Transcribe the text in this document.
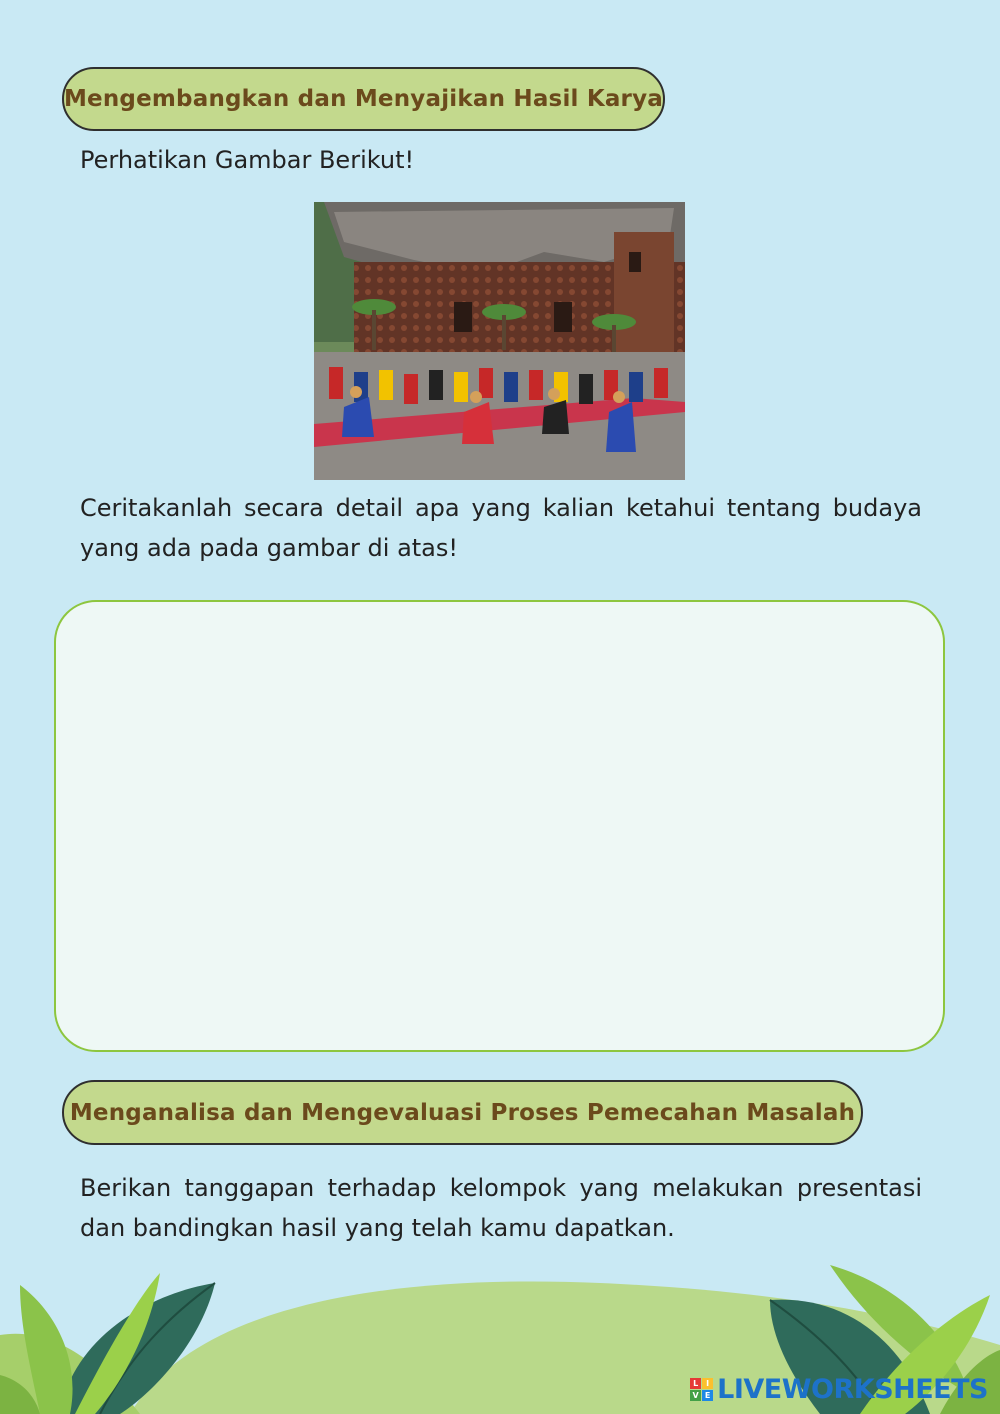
Mengembangkan dan Menyajikan Hasil Karya

Perhatikan Gambar Berikut!

Ceritakanlah secara detail apa yang kalian ketahui tentang budaya yang ada pada gambar di atas!

Menganalisa dan Mengevaluasi Proses Pemecahan Masalah

Berikan tanggapan terhadap kelompok yang melakukan presentasi dan bandingkan hasil yang telah kamu dapatkan.

L I
V E LIVEWORKSHEETS
